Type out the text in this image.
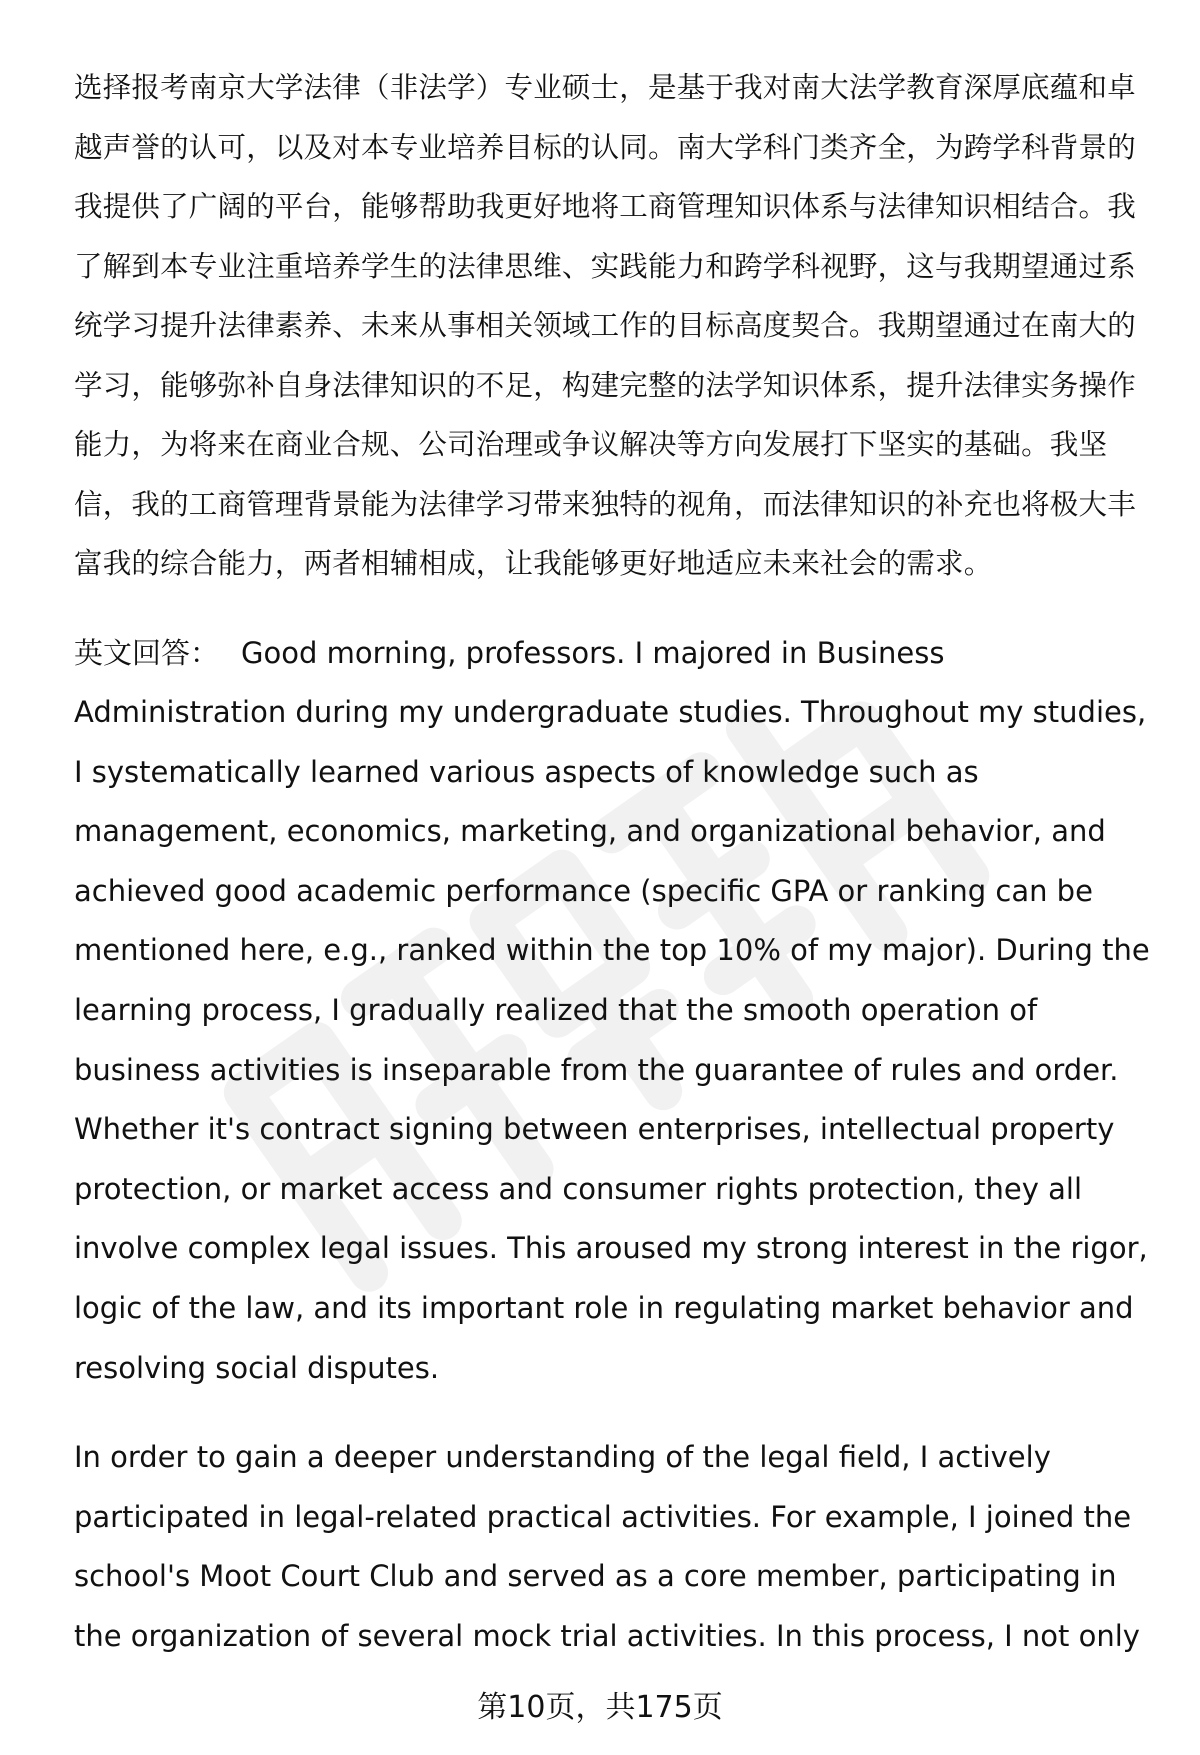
选择报考南京大学法律（非法学）专业硕士，是基于我对南大法学教育深厚底蕴和卓越声誉的认可，以及对本专业培养目标的认同。南大学科门类齐全，为跨学科背景的我提供了广阔的平台，能够帮助我更好地将工商管理知识体系与法律知识相结合。我了解到本专业注重培养学生的法律思维、实践能力和跨学科视野，这与我期望通过系统学习提升法律素养、未来从事相关领域工作的目标高度契合。我期望通过在南大的学习，能够弥补自身法律知识的不足，构建完整的法学知识体系，提升法律实务操作能力，为将来在商业合规、公司治理或争议解决等方向发展打下坚实的基础。我坚信，我的工商管理背景能为法律学习带来独特的视角，而法律知识的补充也将极大丰富我的综合能力，两者相辅相成，让我能够更好地适应未来社会的需求。

英文回答： Good morning, professors. I majored in Business Administration during my undergraduate studies. Throughout my studies, I systematically learned various aspects of knowledge such as management, economics, marketing, and organizational behavior, and achieved good academic performance (specific GPA or ranking can be mentioned here, e.g., ranked within the top 10% of my major). During the learning process, I gradually realized that the smooth operation of business activities is inseparable from the guarantee of rules and order. Whether it's contract signing between enterprises, intellectual property protection, or market access and consumer rights protection, they all involve complex legal issues. This aroused my strong interest in the rigor, logic of the law, and its important role in regulating market behavior and resolving social disputes.

In order to gain a deeper understanding of the legal field, I actively participated in legal-related practical activities. For example, I joined the school's Moot Court Club and served as a core member, participating in the organization of several mock trial activities. In this process, I not only

第10页，共175页
